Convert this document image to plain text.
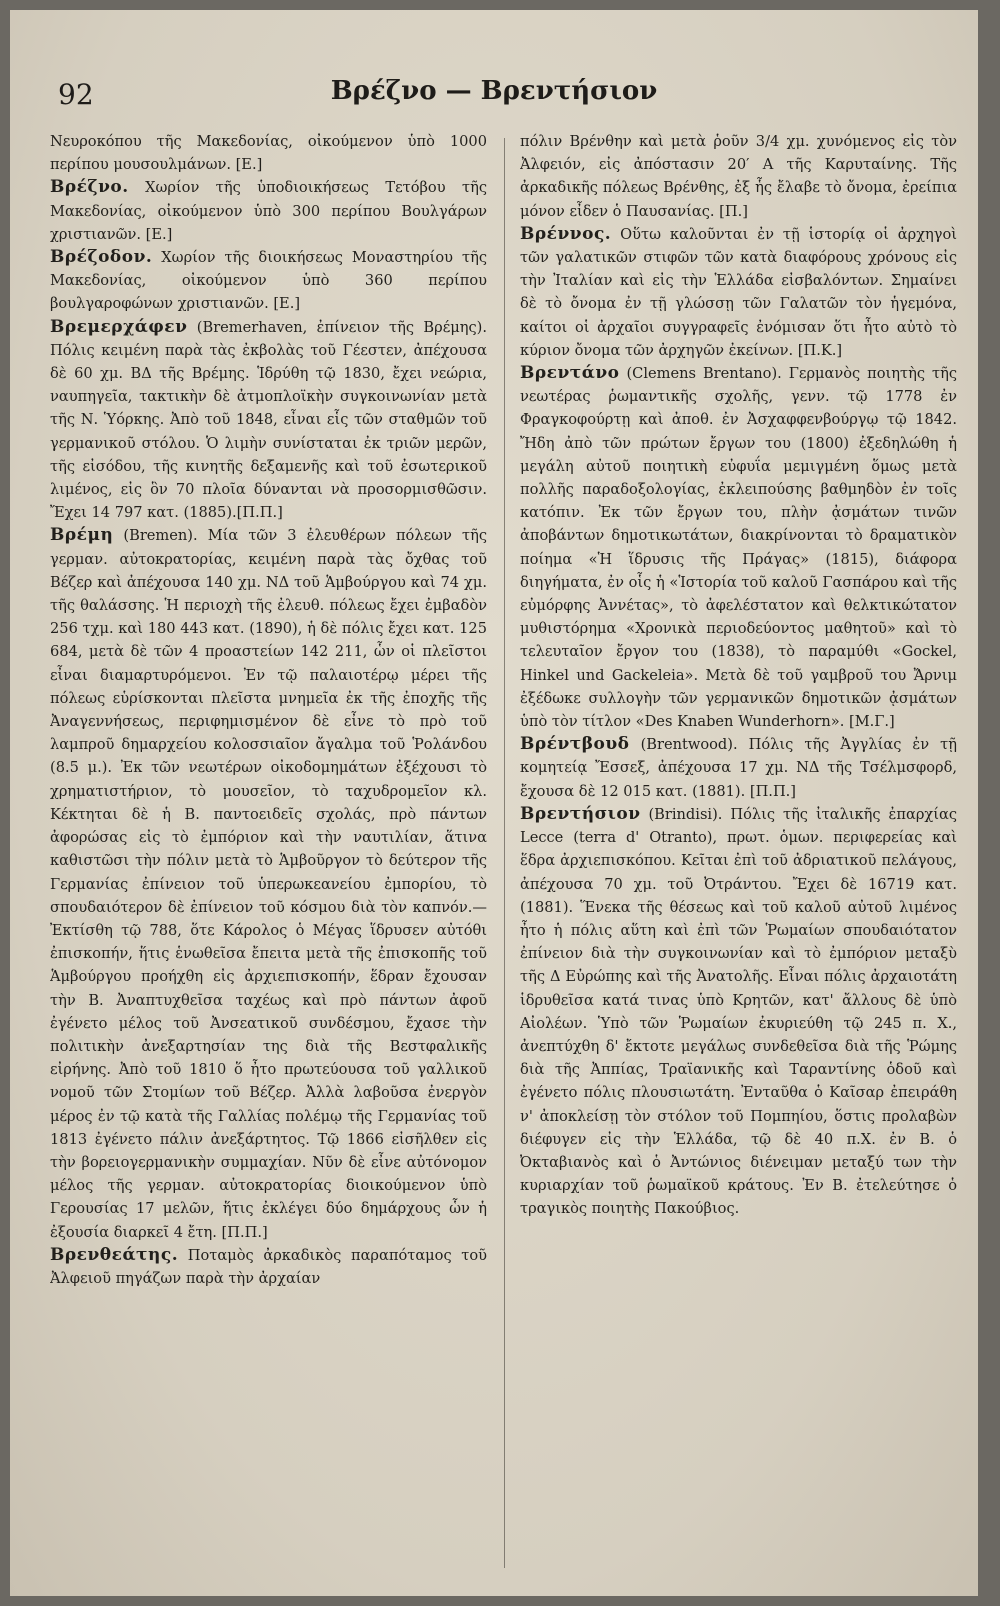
92	Βρέζνο — Βρεντήσιον

Νευροκόπου τῆς Μακεδονίας, οἰκούμενον ὑπὸ 1000 περίπου μουσουλμάνων. [Ε.]

Βρέζνο. Χωρίον τῆς ὑποδιοικήσεως Τετόβου τῆς Μακεδονίας, οἰκούμενον ὑπὸ 300 περίπου Βουλγάρων χριστιανῶν. [Ε.]

Βρέζοδον. Χωρίον τῆς διοικήσεως Μοναστηρίου τῆς Μακεδονίας, οἰκούμενον ὑπὸ 360 περίπου βουλγαροφώνων χριστιανῶν. [Ε.]

Βρεμερχάφεν (Bremerhaven, ἐπίνειον τῆς Βρέμης). Πόλις κειμένη παρὰ τὰς ἐκβολὰς τοῦ Γέεστεν, ἀπέχουσα δὲ 60 χμ. ΒΔ τῆς Βρέμης. Ἱδρύθη τῷ 1830, ἔχει νεώρια, ναυπηγεῖα, τακτικὴν δὲ ἀτμοπλοϊκὴν συγκοινωνίαν μετὰ τῆς Ν. Ὑόρκης. Ἀπὸ τοῦ 1848, εἶναι εἷς τῶν σταθμῶν τοῦ γερμανικοῦ στόλου. Ὁ λιμὴν συνίσταται ἐκ τριῶν μερῶν, τῆς εἰσόδου, τῆς κινητῆς δεξαμενῆς καὶ τοῦ ἐσωτερικοῦ λιμένος, εἰς ὃν 70 πλοῖα δύνανται νὰ προσορμισθῶσιν. Ἔχει 14 797 κατ. (1885).[Π.Π.]

Βρέμη (Bremen). Μία τῶν 3 ἐλευθέρων πόλεων τῆς γερμαν. αὐτοκρατορίας, κειμένη παρὰ τὰς ὄχθας τοῦ Βέζερ καὶ ἀπέχουσα 140 χμ. ΝΔ τοῦ Ἁμβούργου καὶ 74 χμ. τῆς θαλάσσης. Ἡ περιοχὴ τῆς ἐλευθ. πόλεως ἔχει ἐμβαδὸν 256 τχμ. καὶ 180 443 κατ. (1890), ἡ δὲ πόλις ἔχει κατ. 125 684, μετὰ δὲ τῶν 4 προαστείων 142 211, ὧν οἱ πλεῖστοι εἶναι διαμαρτυρόμενοι. Ἐν τῷ παλαιοτέρῳ μέρει τῆς πόλεως εὑρίσκονται πλεῖστα μνημεῖα ἐκ τῆς ἐποχῆς τῆς Ἀναγεννήσεως, περιφημισμένον δὲ εἶνε τὸ πρὸ τοῦ λαμπροῦ δημαρχείου κολοσσιαῖον ἄγαλμα τοῦ Ῥολάνδου (8.5 μ.). Ἐκ τῶν νεωτέρων οἰκοδομημάτων ἐξέχουσι τὸ χρηματιστήριον, τὸ μουσεῖον, τὸ ταχυδρομεῖον κλ. Κέκτηται δὲ ἡ Β. παντοειδεῖς σχολάς, πρὸ πάντων ἀφορώσας εἰς τὸ ἐμπόριον καὶ τὴν ναυτιλίαν, ἅτινα καθιστῶσι τὴν πόλιν μετὰ τὸ Ἁμβοῦργον τὸ δεύτερον τῆς Γερμανίας ἐπίνειον τοῦ ὑπερωκεανείου ἐμπορίου, τὸ σπουδαιότερον δὲ ἐπίνειον τοῦ κόσμου διὰ τὸν καπνόν.—Ἐκτίσθη τῷ 788, ὅτε Κάρολος ὁ Μέγας ἵδρυσεν αὐτόθι ἐπισκοπήν, ἥτις ἑνωθεῖσα ἔπειτα μετὰ τῆς ἐπισκοπῆς τοῦ Ἁμβούργου προήχθη εἰς ἀρχιεπισκοπήν, ἕδραν ἔχουσαν τὴν Β. Ἀναπτυχθεῖσα ταχέως καὶ πρὸ πάντων ἀφοῦ ἐγένετο μέλος τοῦ Ἀνσεατικοῦ συνδέσμου, ἔχασε τὴν πολιτικὴν ἀνεξαρτησίαν της διὰ τῆς Βεστφαλικῆς εἰρήνης. Ἀπὸ τοῦ 1810 ὅ ἦτο πρωτεύουσα τοῦ γαλλικοῦ νομοῦ τῶν Στομίων τοῦ Βέζερ. Ἀλλὰ λαβοῦσα ἐνεργὸν μέρος ἐν τῷ κατὰ τῆς Γαλλίας πολέμῳ τῆς Γερμανίας τοῦ 1813 ἐγένετο πάλιν ἀνεξάρτητος. Τῷ 1866 εἰσῆλθεν εἰς τὴν βορειογερμανικὴν συμμαχίαν. Νῦν δὲ εἶνε αὐτόνομον μέλος τῆς γερμαν. αὐτοκρατορίας διοικούμενον ὑπὸ Γερουσίας 17 μελῶν, ἥτις ἐκλέγει δύο δημάρχους ὧν ἡ ἐξουσία διαρκεῖ 4 ἔτη. [Π.Π.]

Βρενθεάτης. Ποταμὸς ἀρκαδικὸς παραπόταμος τοῦ Ἀλφειοῦ πηγάζων παρὰ τὴν ἀρχαίαν

πόλιν Βρένθην καὶ μετὰ ῥοῦν 3/4 χμ. χυνόμενος εἰς τὸν Ἀλφειόν, εἰς ἀπόστασιν 20′ Α τῆς Καρυταίνης. Τῆς ἀρκαδικῆς πόλεως Βρένθης, ἐξ ἧς ἔλαβε τὸ ὄνομα, ἐρείπια μόνον εἶδεν ὁ Παυσανίας. [Π.]

Βρέννος. Οὕτω καλοῦνται ἐν τῇ ἱστορίᾳ οἱ ἀρχηγοὶ τῶν γαλατικῶν στιφῶν τῶν κατὰ διαφόρους χρόνους εἰς τὴν Ἰταλίαν καὶ εἰς τὴν Ἑλλάδα εἰσβαλόντων. Σημαίνει δὲ τὸ ὄνομα ἐν τῇ γλώσσῃ τῶν Γαλατῶν τὸν ἡγεμόνα, καίτοι οἱ ἀρχαῖοι συγγραφεῖς ἐνόμισαν ὅτι ἦτο αὐτὸ τὸ κύριον ὄνομα τῶν ἀρχηγῶν ἐκείνων. [Π.Κ.]

Βρεντάνο (Clemens Brentano). Γερμανὸς ποιητὴς τῆς νεωτέρας ῥωμαντικῆς σχολῆς, γενν. τῷ 1778 ἐν Φραγκοφούρτῃ καὶ ἀποθ. ἐν Ἀσχαφφενβούργῳ τῷ 1842. Ἤδη ἀπὸ τῶν πρώτων ἔργων του (1800) ἐξεδηλώθη ἡ μεγάλη αὐτοῦ ποιητικὴ εὐφυΐα μεμιγμένη ὅμως μετὰ πολλῆς παραδοξολογίας, ἐκλειπούσης βαθμηδὸν ἐν τοῖς κατόπιν. Ἐκ τῶν ἔργων του, πλὴν ᾀσμάτων τινῶν ἀποβάντων δημοτικωτάτων, διακρίνονται τὸ δραματικὸν ποίημα «Ἡ ἵδρυσις τῆς Πράγας» (1815), διάφορα διηγήματα, ἐν οἷς ἡ «Ἱστορία τοῦ καλοῦ Γασπάρου καὶ τῆς εὐμόρφης Ἀννέτας», τὸ ἀφελέστατον καὶ θελκτικώτατον μυθιστόρημα «Χρονικὰ περιοδεύοντος μαθητοῦ» καὶ τὸ τελευταῖον ἔργον του (1838), τὸ παραμύθι «Gockel, Hinkel und Gackeleia». Μετὰ δὲ τοῦ γαμβροῦ του Ἄρνιμ ἐξέδωκε συλλογὴν τῶν γερμανικῶν δημοτικῶν ᾀσμάτων ὑπὸ τὸν τίτλον «Des Knaben Wunderhorn». [Μ.Γ.]

Βρέντβουδ (Brentwood). Πόλις τῆς Ἀγγλίας ἐν τῇ κομητείᾳ Ἔσσεξ, ἀπέχουσα 17 χμ. ΝΔ τῆς Τσέλμσφορδ, ἔχουσα δὲ 12 015 κατ. (1881). [Π.Π.]

Βρεντήσιον (Brindisi). Πόλις τῆς ἰταλικῆς ἐπαρχίας Lecce (terra d' Otranto), πρωτ. ὁμων. περιφερείας καὶ ἕδρα ἀρχιεπισκόπου. Κεῖται ἐπὶ τοῦ ἀδριατικοῦ πελάγους, ἀπέχουσα 70 χμ. τοῦ Ὀτράντου. Ἔχει δὲ 16719 κατ. (1881). Ἕνεκα τῆς θέσεως καὶ τοῦ καλοῦ αὐτοῦ λιμένος ἦτο ἡ πόλις αὕτη καὶ ἐπὶ τῶν Ῥωμαίων σπουδαιότατον ἐπίνειον διὰ τὴν συγκοινωνίαν καὶ τὸ ἐμπόριον μεταξὺ τῆς Δ Εὐρώπης καὶ τῆς Ἀνατολῆς. Εἶναι πόλις ἀρχαιοτάτη ἱδρυθεῖσα κατά τινας ὑπὸ Κρητῶν, κατ' ἄλλους δὲ ὑπὸ Αἰολέων. Ὑπὸ τῶν Ῥωμαίων ἐκυριεύθη τῷ 245 π. Χ., ἀνεπτύχθη δ' ἔκτοτε μεγάλως συνδεθεῖσα διὰ τῆς Ῥώμης διὰ τῆς Ἀππίας, Τραϊανικῆς καὶ Ταραντίνης ὁδοῦ καὶ ἐγένετο πόλις πλουσιωτάτη. Ἐνταῦθα ὁ Καῖσαρ ἐπειράθη ν' ἀποκλείσῃ τὸν στόλον τοῦ Πομπηίου, ὅστις προλαβὼν διέφυγεν εἰς τὴν Ἑλλάδα, τῷ δὲ 40 π.Χ. ἐν Β. ὁ Ὀκταβιανὸς καὶ ὁ Ἀντώνιος διένειμαν μεταξύ των τὴν κυριαρχίαν τοῦ ῥωμαϊκοῦ κράτους. Ἐν Β. ἐτελεύτησε ὁ τραγικὸς ποιητὴς Πακούβιος.
